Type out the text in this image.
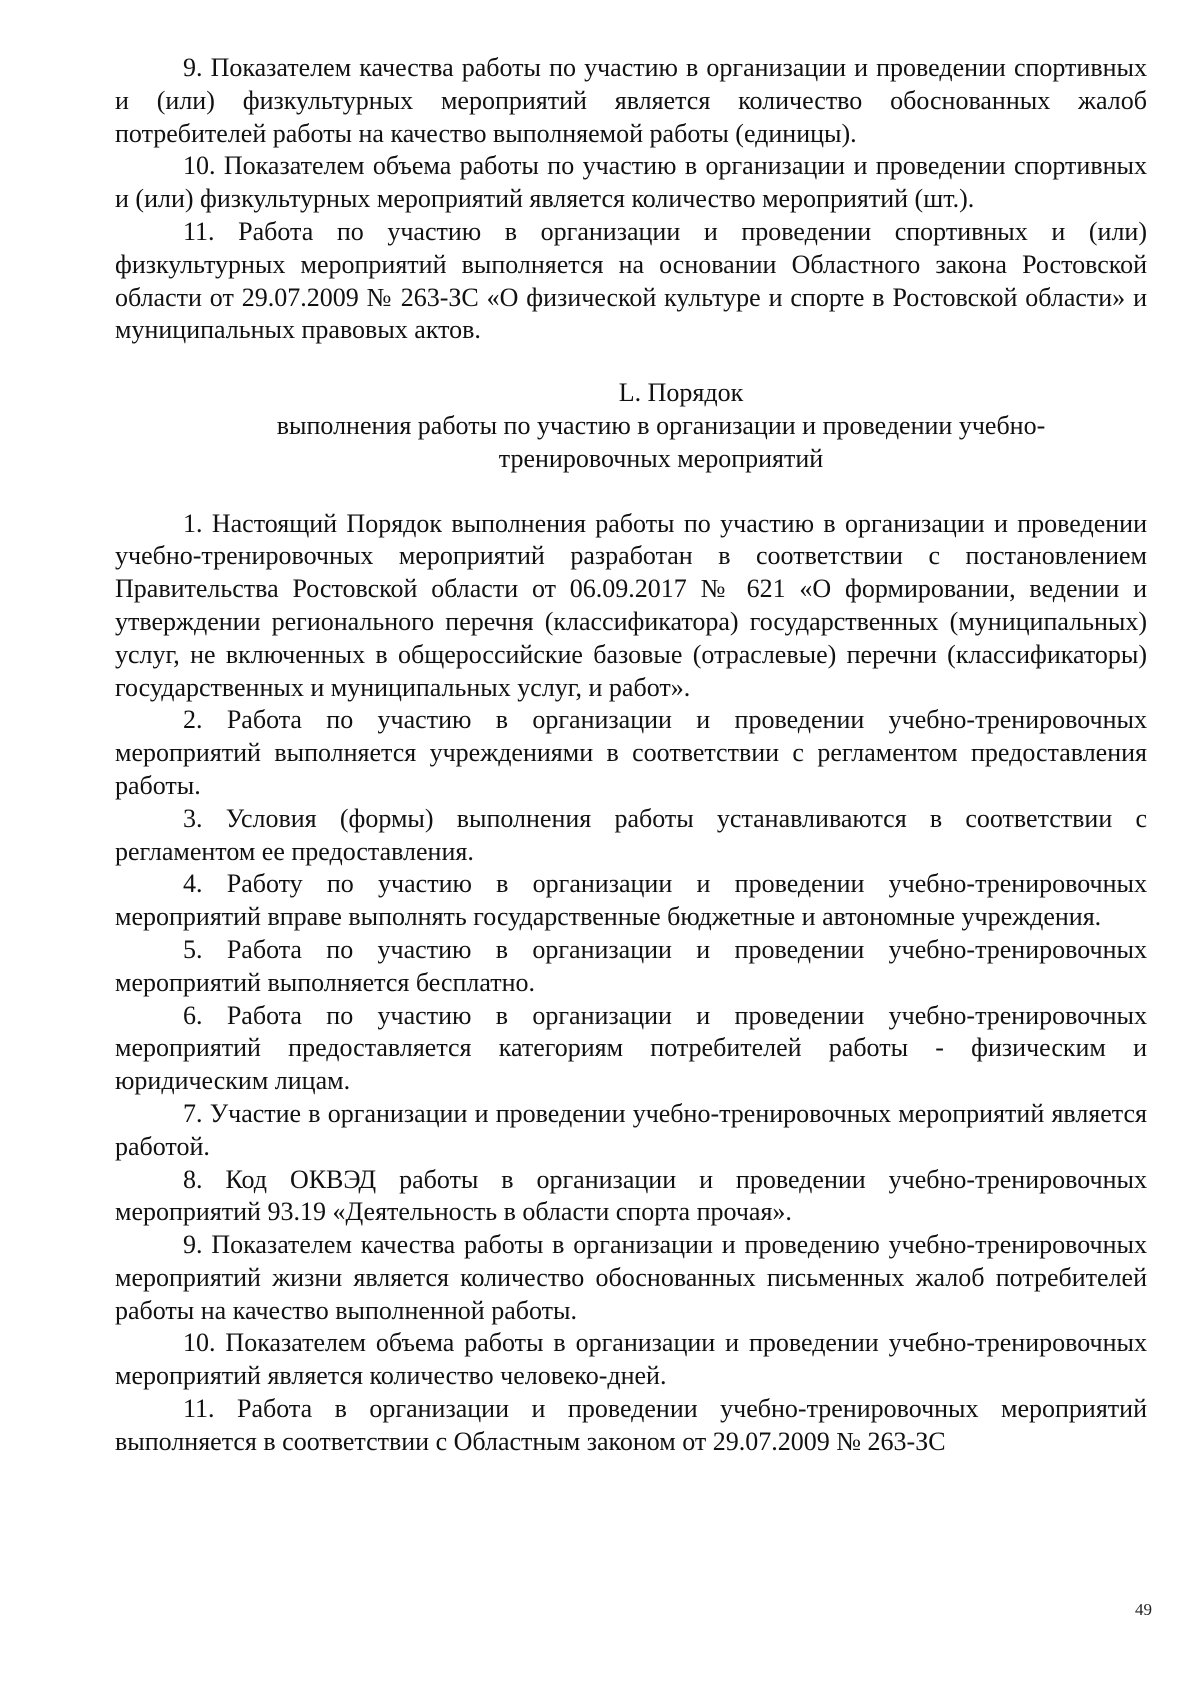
9. Показателем качества работы по участию в организации и проведении спортивных и (или) физкультурных мероприятий является количество обоснованных жалоб потребителей работы на качество выполняемой работы (единицы).

10. Показателем объема работы по участию в организации и проведении спортивных и (или) физкультурных мероприятий является количество мероприятий (шт.).

11. Работа по участию в организации и проведении спортивных и (или) физкультурных мероприятий выполняется на основании Областного закона Ростовской области от 29.07.2009 № 263-ЗС «О физической культуре и спорте в Ростовской области» и муниципальных правовых актов.

L. Порядок
выполнения работы по участию в организации и проведении учебно-тренировочных мероприятий

1. Настоящий Порядок выполнения работы по участию в организации и проведении учебно-тренировочных мероприятий разработан в соответствии с постановлением Правительства Ростовской области от 06.09.2017 № 621 «О формировании, ведении и утверждении регионального перечня (классификатора) государственных (муниципальных) услуг, не включенных в общероссийские базовые (отраслевые) перечни (классификаторы) государственных и муниципальных услуг, и работ».

2. Работа по участию в организации и проведении учебно-тренировочных мероприятий выполняется учреждениями в соответствии с регламентом предоставления работы.

3. Условия (формы) выполнения работы устанавливаются в соответствии с регламентом ее предоставления.

4. Работу по участию в организации и проведении учебно-тренировочных мероприятий вправе выполнять государственные бюджетные и автономные учреждения.

5. Работа по участию в организации и проведении учебно-тренировочных мероприятий выполняется бесплатно.

6. Работа по участию в организации и проведении учебно-тренировочных мероприятий предоставляется категориям потребителей работы - физическим и юридическим лицам.

7. Участие в организации и проведении учебно-тренировочных мероприятий является работой.

8. Код ОКВЭД работы в организации и проведении учебно-тренировочных мероприятий 93.19 «Деятельность в области спорта прочая».

9. Показателем качества работы в организации и проведению учебно-тренировочных мероприятий жизни является количество обоснованных письменных жалоб потребителей работы на качество выполненной работы.

10. Показателем объема работы в организации и проведении учебно-тренировочных мероприятий является количество человеко-дней.

11. Работа в организации и проведении учебно-тренировочных мероприятий выполняется в соответствии с Областным законом от 29.07.2009 № 263-ЗС

49
